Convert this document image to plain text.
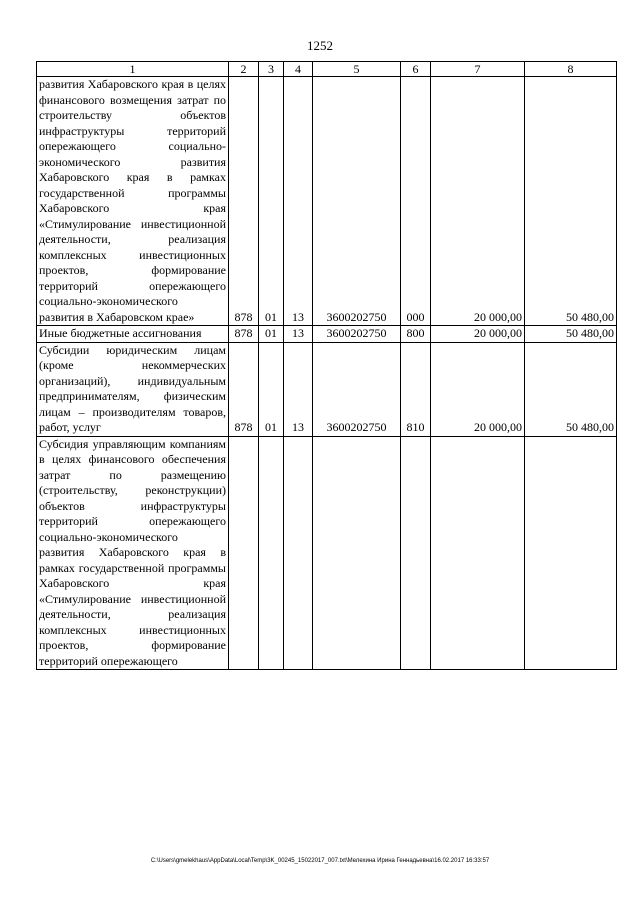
1252
1	2	3	4	5	6	7	8
развития Хабаровского края в целях финансового возмещения затрат по строительству объектов инфраструктуры территорий опережающего социально-экономического развития Хабаровского края в рамках государственной программы Хабаровского края «Стимулирование инвестиционной деятельности, реализация комплексных инвестиционных проектов, формирование территорий опережающего социально-экономического развития в Хабаровском крае»	878	01	13	3600202750	000	20 000,00	50 480,00
Иные бюджетные ассигнования	878	01	13	3600202750	800	20 000,00	50 480,00
Субсидии юридическим лицам (кроме некоммерческих организаций), индивидуальным предпринимателям, физическим лицам – производителям товаров, работ, услуг	878	01	13	3600202750	810	20 000,00	50 480,00
Субсидия управляющим компаниям в целях финансового обеспечения затрат по размещению (строительству, реконструкции) объектов инфраструктуры территорий опережающего социально-экономического развития Хабаровского края в рамках государственной программы Хабаровского края «Стимулирование инвестиционной деятельности, реализация комплексных инвестиционных проектов, формирование территорий опережающего							
C:\Users\gmelekhaus\AppData\Local\Temp\3K_00245_15022017_007.txt\Мелехина Ирина Геннадьевна\16.02.2017 16:33:57
